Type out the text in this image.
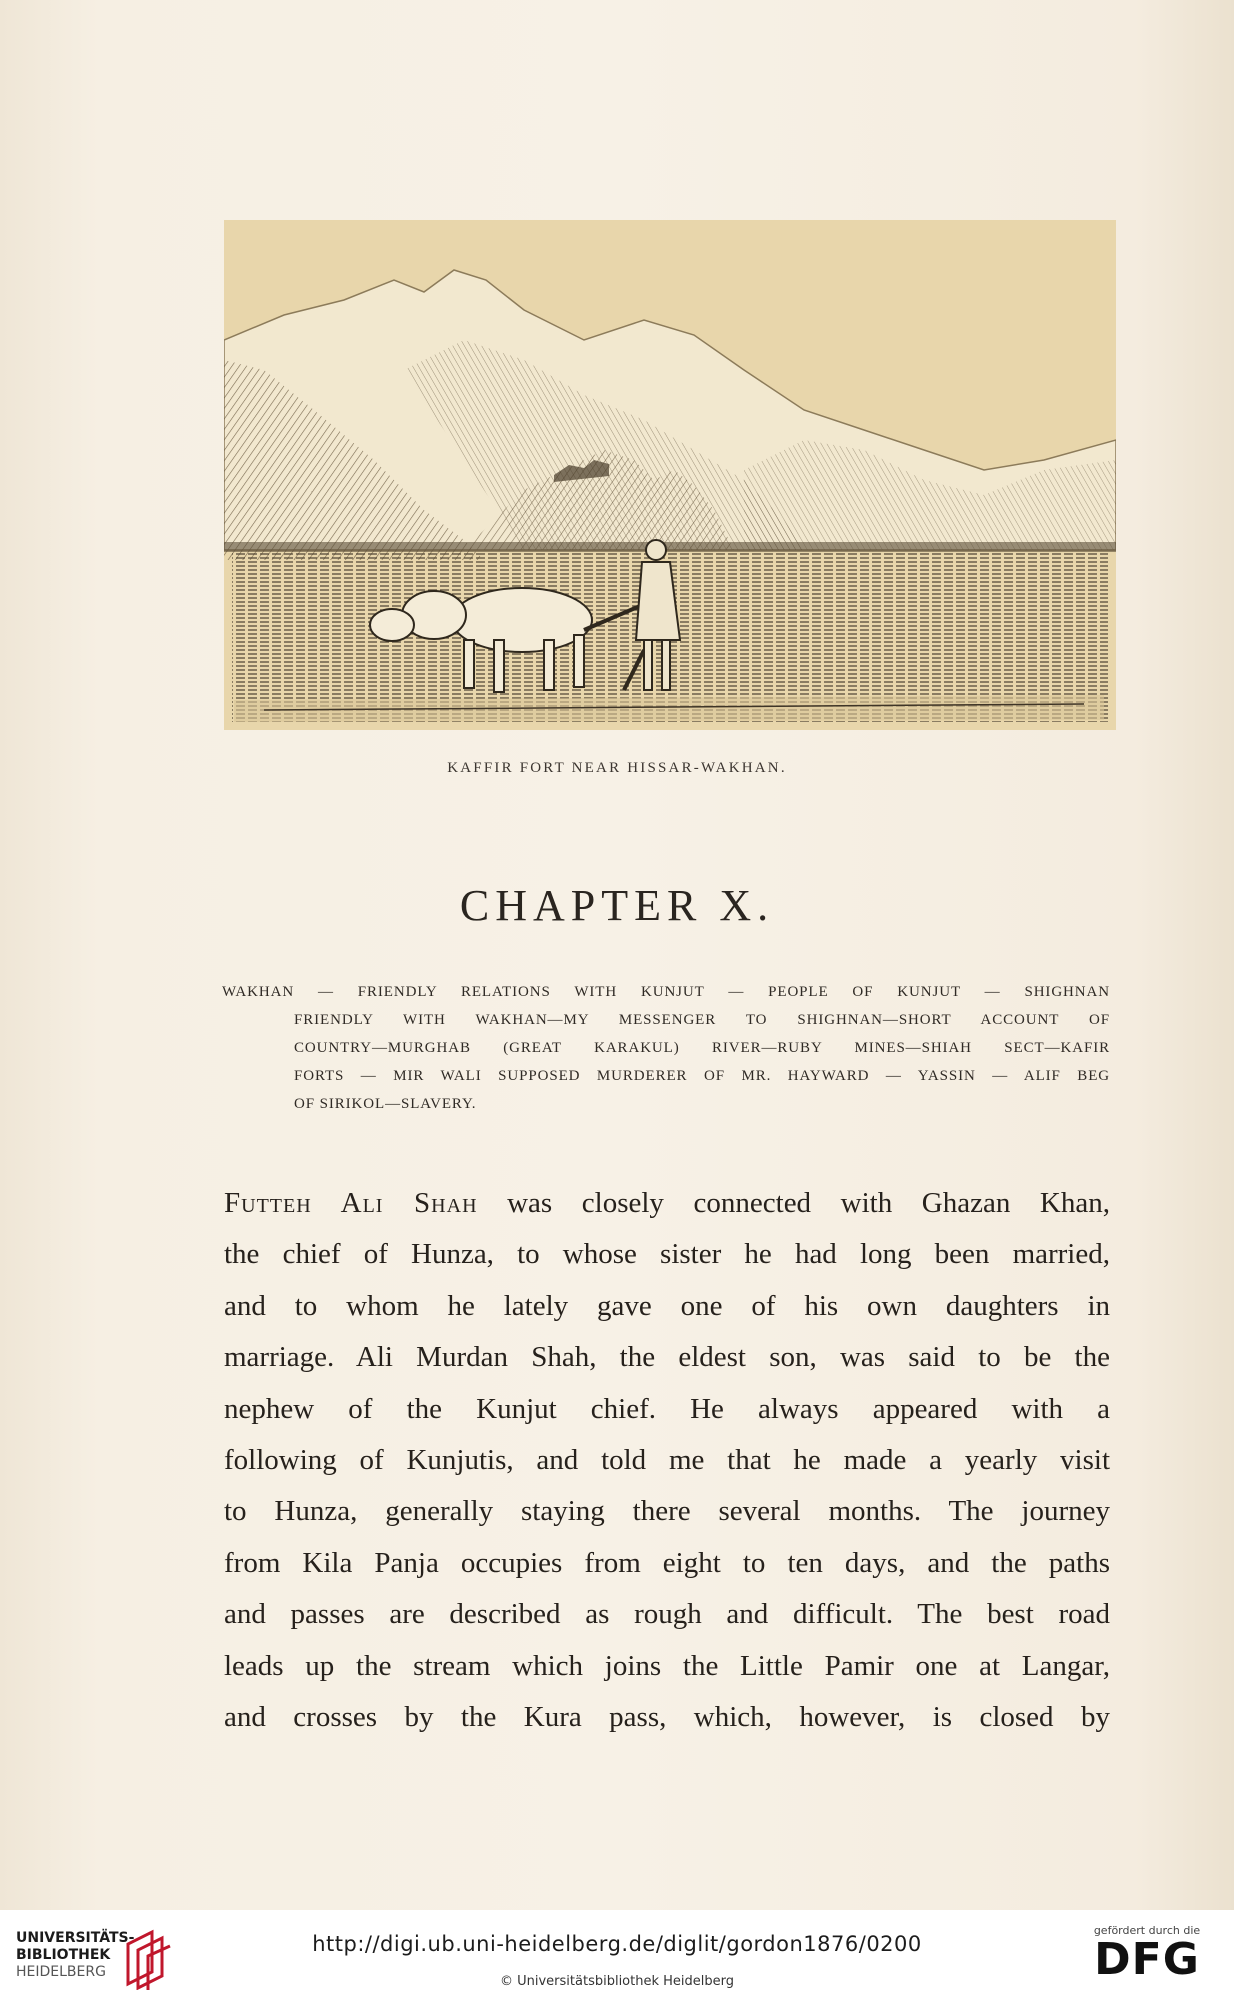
KAFFIR FORT NEAR HISSAR-WAKHAN.
CHAPTER X.
WAKHAN — FRIENDLY RELATIONS WITH KUNJUT — PEOPLE OF KUNJUT — SHIGHNAN
FRIENDLY WITH WAKHAN—MY MESSENGER TO SHIGHNAN—SHORT ACCOUNT OF
COUNTRY—MURGHAB (GREAT KARAKUL) RIVER—RUBY MINES—SHIAH SECT—KAFIR
FORTS — MIR WALI SUPPOSED MURDERER OF MR. HAYWARD — YASSIN — ALIF BEG
OF SIRIKOL—SLAVERY.
Futteh Ali Shah was closely connected with Ghazan Khan,
the chief of Hunza, to whose sister he had long been married,
and to whom he lately gave one of his own daughters in
marriage. Ali Murdan Shah, the eldest son, was said to be the
nephew of the Kunjut chief. He always appeared with a
following of Kunjutis, and told me that he made a yearly visit
to Hunza, generally staying there several months. The journey
from Kila Panja occupies from eight to ten days, and the paths
and passes are described as rough and difficult. The best road
leads up the stream which joins the Little Pamir one at Langar,
and crosses by the Kura pass, which, however, is closed by
UNIVERSITÄTS-
BIBLIOTHEK
HEIDELBERG
http://digi.ub.uni-heidelberg.de/diglit/gordon1876/0200
© Universitätsbibliothek Heidelberg
gefördert durch die
DFG
